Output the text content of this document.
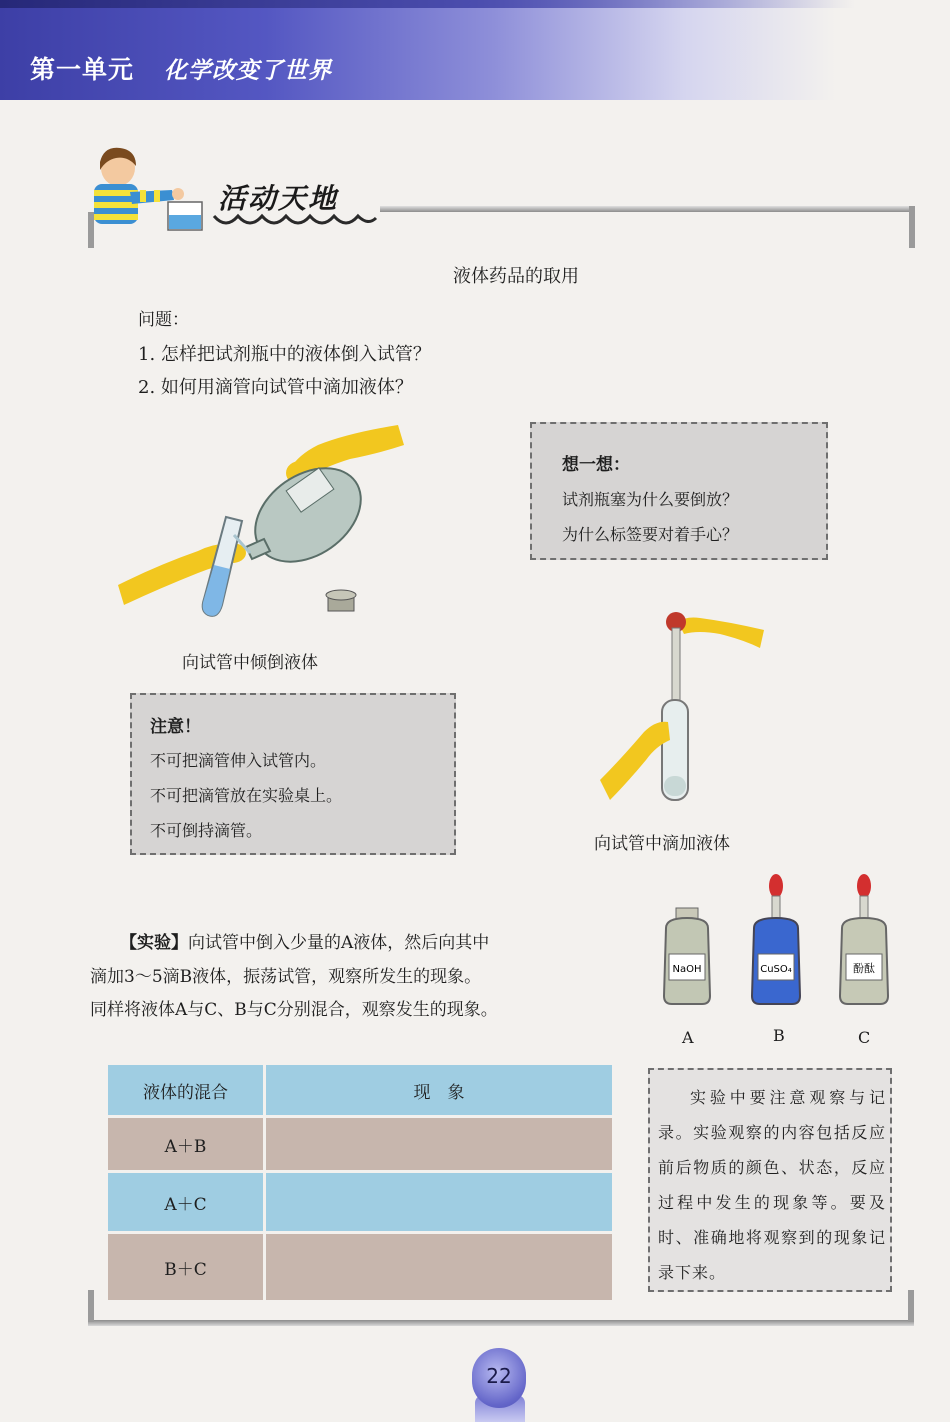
第一单元 化学改变了世界
活动天地
液体药品的取用
问题：
1. 怎样把试剂瓶中的液体倒入试管？
2. 如何用滴管向试管中滴加液体？
向试管中倾倒液体
想一想：
试剂瓶塞为什么要倒放？
为什么标签要对着手心？
向试管中滴加液体
注意！
不可把滴管伸入试管内。
不可把滴管放在实验桌上。
不可倒持滴管。
【实验】向试管中倒入少量的A液体，然后向其中
滴加3～5滴B液体，振荡试管，观察所发生的现象。
同样将液体A与C、B与C分别混合，观察发生的现象。
NaOH	CuSO₄	酚酞
A	B	C
液体的混合	现　象
A＋B	
A＋C	
B＋C	
实验中要注意观察与记录。实验观察的内容包括反应前后物质的颜色、状态，反应过程中发生的现象等。要及时、准确地将观察到的现象记录下来。
22
